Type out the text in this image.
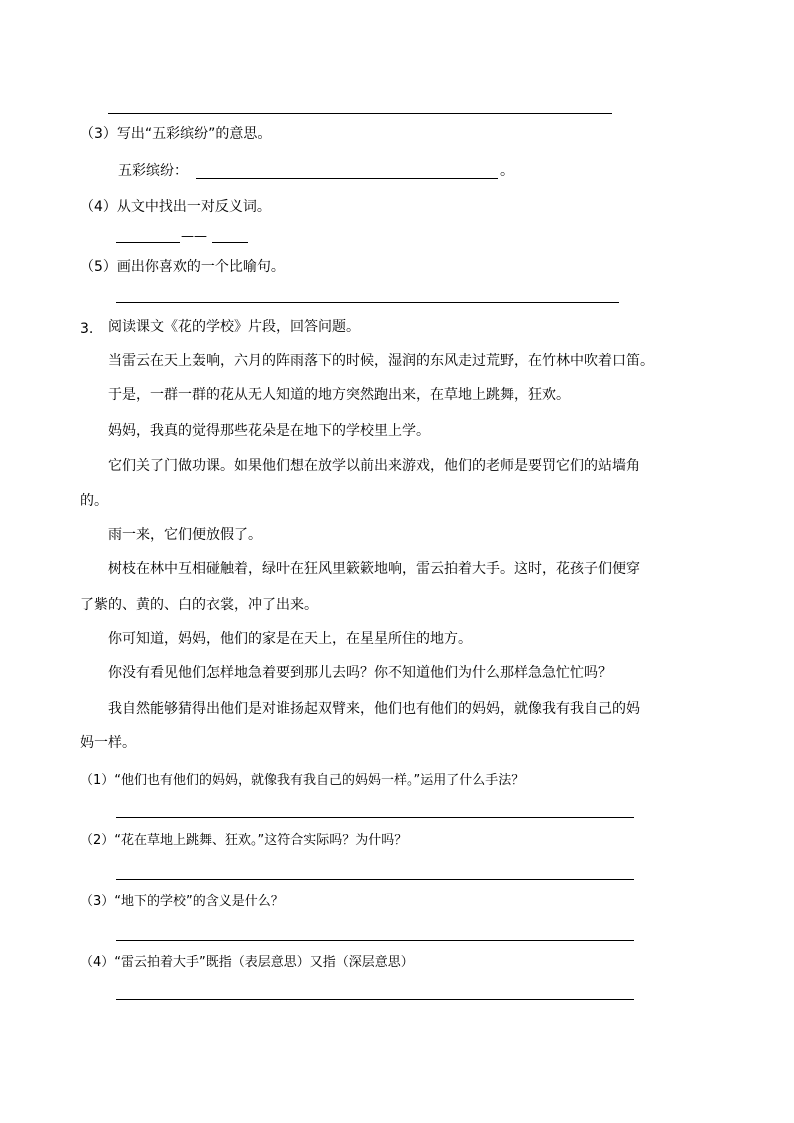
（3）写出“五彩缤纷”的意思。
五彩缤纷：	。
（4）从文中找出一对反义词。
——
（5）画出你喜欢的一个比喻句。
3. 阅读课文《花的学校》片段，回答问题。
当雷云在天上轰响，六月的阵雨落下的时候，湿润的东风走过荒野，在竹林中吹着口笛。
于是，一群一群的花从无人知道的地方突然跑出来，在草地上跳舞，狂欢。
妈妈，我真的觉得那些花朵是在地下的学校里上学。
它们关了门做功课。如果他们想在放学以前出来游戏，他们的老师是要罚它们的站墙角
的。
雨一来，它们便放假了。
树枝在林中互相碰触着，绿叶在狂风里簌簌地响，雷云拍着大手。这时，花孩子们便穿
了紫的、黄的、白的衣裳，冲了出来。
你可知道，妈妈，他们的家是在天上，在星星所住的地方。
你没有看见他们怎样地急着要到那儿去吗？你不知道他们为什么那样急急忙忙吗？
我自然能够猜得出他们是对谁扬起双臂来，他们也有他们的妈妈，就像我有我自己的妈
妈一样。
（1）“他们也有他们的妈妈，就像我有我自己的妈妈一样。”运用了什么手法？
（2）“花在草地上跳舞、狂欢。”这符合实际吗？为什吗？
（3）“地下的学校”的含义是什么？
（4）“雷云拍着大手”既指（表层意思）又指（深层意思）
